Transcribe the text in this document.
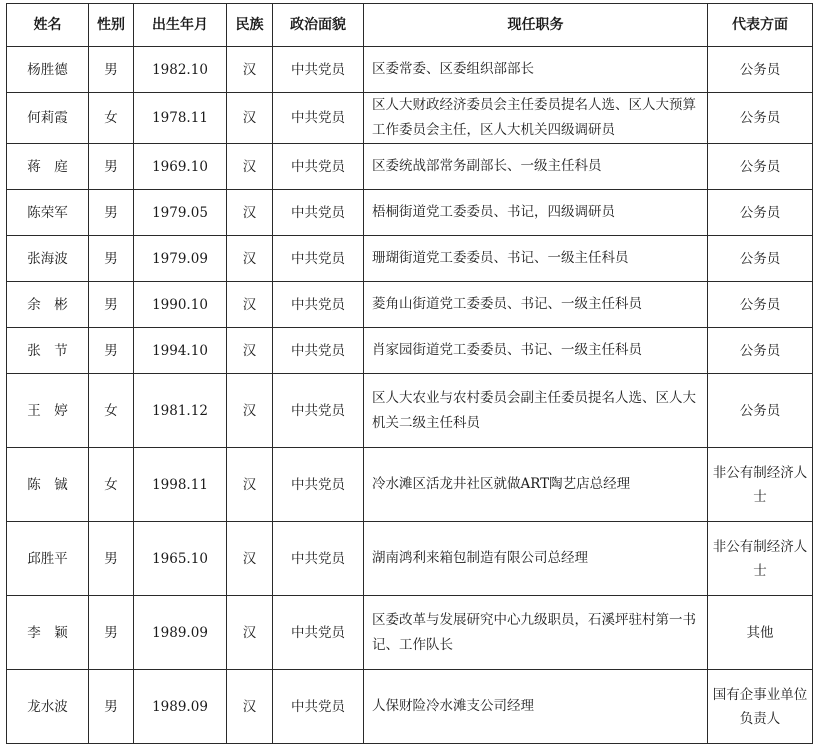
姓名	性别	出生年月	民族	政治面貌	现任职务	代表方面
杨胜德	男	1982.10	汉	中共党员	区委常委、区委组织部部长	公务员
何莉霞	女	1978.11	汉	中共党员	区人大财政经济委员会主任委员提名人选、区人大预算工作委员会主任，区人大机关四级调研员	公务员
蒋　庭	男	1969.10	汉	中共党员	区委统战部常务副部长、一级主任科员	公务员
陈荣军	男	1979.05	汉	中共党员	梧桐街道党工委委员、书记，四级调研员	公务员
张海波	男	1979.09	汉	中共党员	珊瑚街道党工委委员、书记、一级主任科员	公务员
余　彬	男	1990.10	汉	中共党员	菱角山街道党工委委员、书记、一级主任科员	公务员
张　节	男	1994.10	汉	中共党员	肖家园街道党工委委员、书记、一级主任科员	公务员
王　婷	女	1981.12	汉	中共党员	区人大农业与农村委员会副主任委员提名人选、区人大机关二级主任科员	公务员
陈　铖	女	1998.11	汉	中共党员	冷水滩区活龙井社区就做ART陶艺店总经理	非公有制经济人士
邱胜平	男	1965.10	汉	中共党员	湖南鸿利来箱包制造有限公司总经理	非公有制经济人士
李　颖	男	1989.09	汉	中共党员	区委改革与发展研究中心九级职员，石溪坪驻村第一书记、工作队长	其他
龙水波	男	1989.09	汉	中共党员	人保财险冷水滩支公司经理	国有企事业单位负责人
